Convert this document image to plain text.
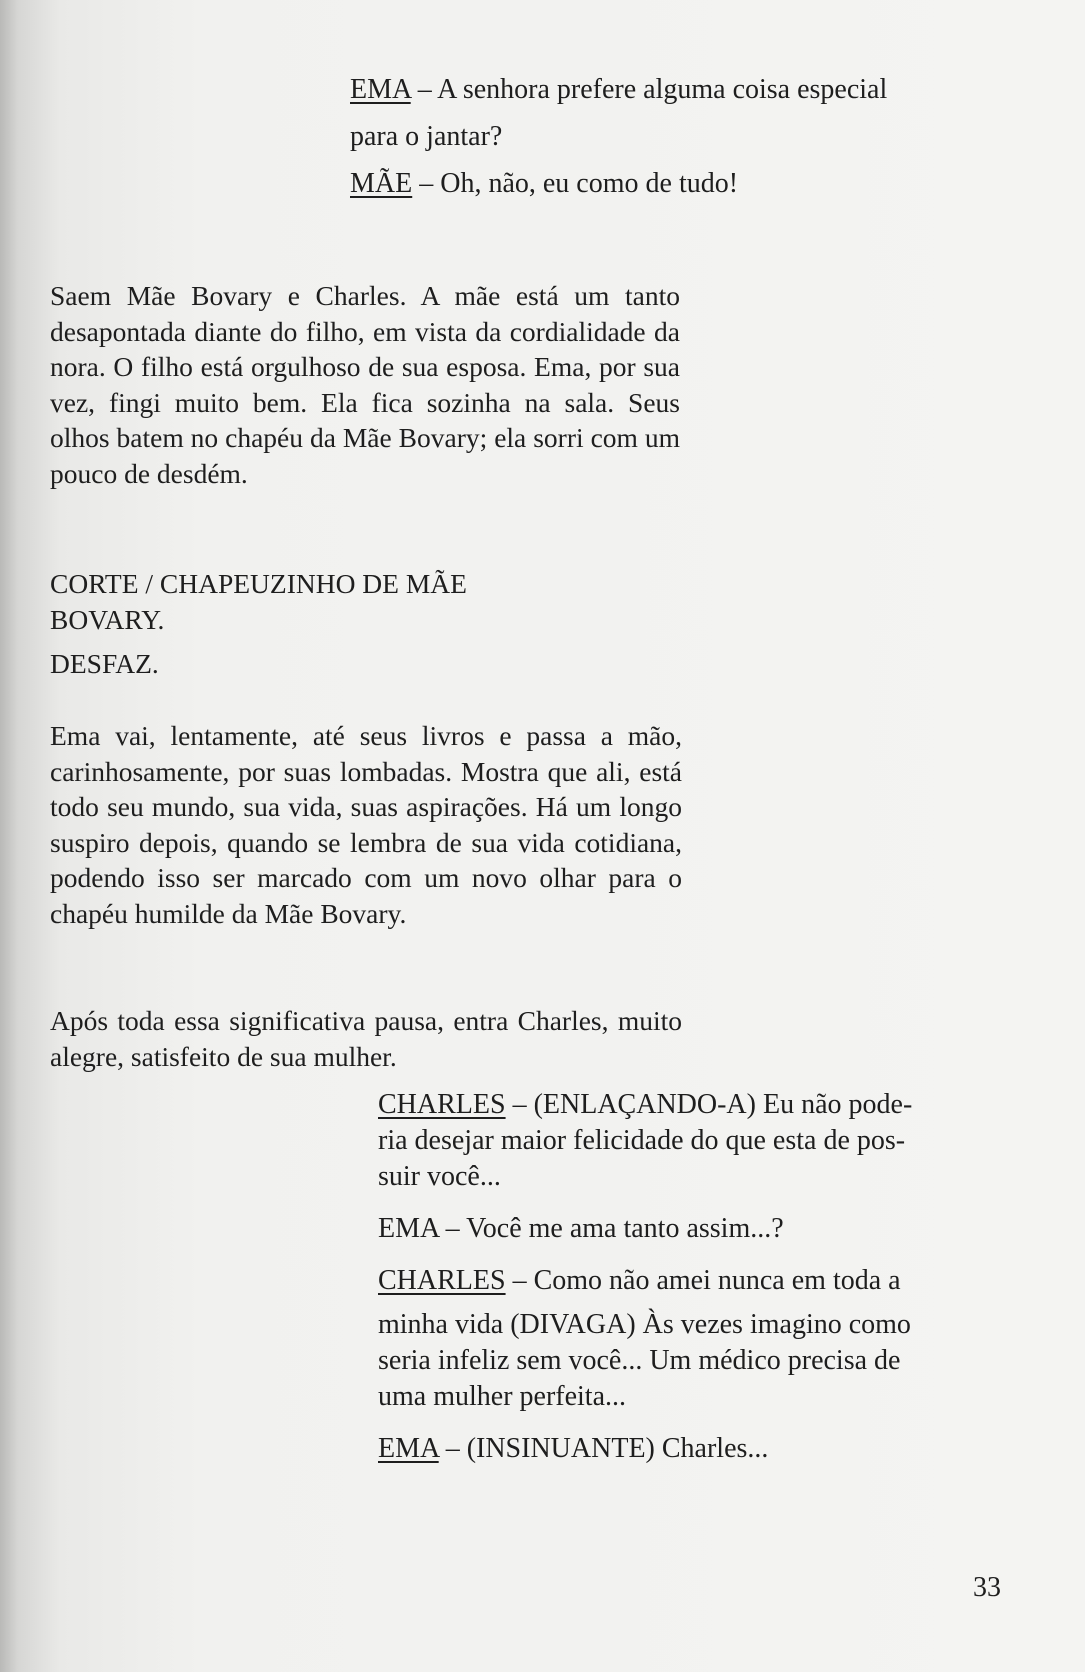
EMA – A senhora prefere alguma coisa especial

para o jantar?

MÃE – Oh, não, eu como de tudo!

Saem Mãe Bovary e Charles. A mãe está um tanto desapontada diante do filho, em vista da cordialidade da nora. O filho está orgulhoso de sua esposa. Ema, por sua vez, fingi muito bem. Ela fica sozinha na sala. Seus olhos batem no chapéu da Mãe Bovary; ela sorri com um pouco de desdém.

CORTE / CHAPEUZINHO DE MÃE

BOVARY.

DESFAZ.

Ema vai, lentamente, até seus livros e passa a mão, carinhosamente, por suas lombadas. Mostra que ali, está todo seu mundo, sua vida, suas aspirações. Há um longo suspiro depois, quando se lembra de sua vida cotidiana, podendo isso ser marcado com um novo olhar para o chapéu humilde da Mãe Bovary.

Após toda essa significativa pausa, entra Charles, muito alegre, satisfeito de sua mulher.

CHARLES – (ENLAÇANDO-A) Eu não pode-

ria desejar maior felicidade do que esta de pos-

suir você...

EMA – Você me ama tanto assim...?

CHARLES – Como não amei nunca em toda a

minha vida (DIVAGA) Às vezes imagino como

seria infeliz sem você... Um médico precisa de

uma mulher perfeita...

EMA – (INSINUANTE) Charles...

33
